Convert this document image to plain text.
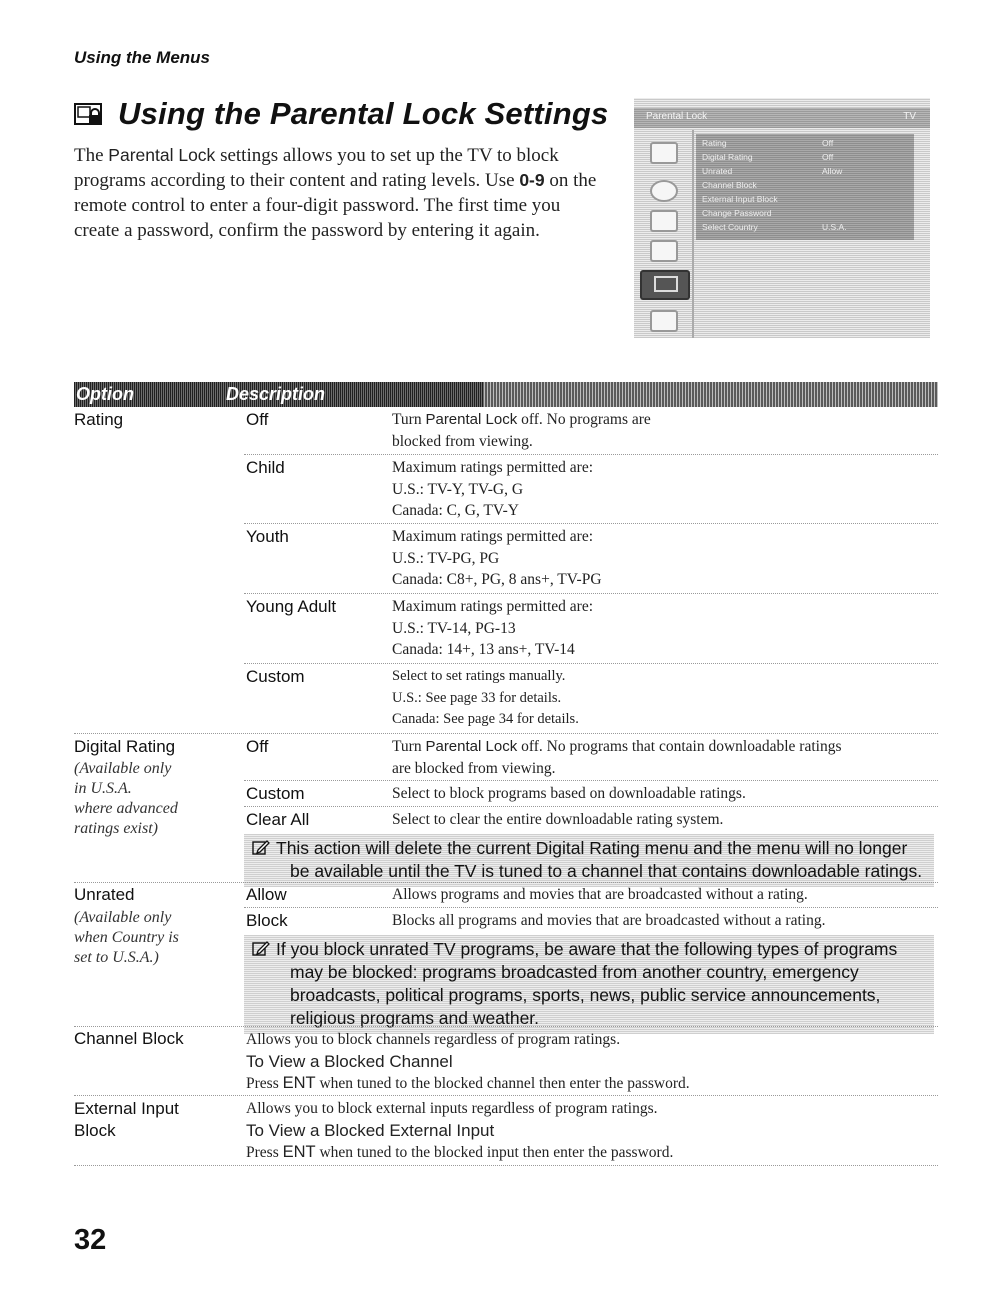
Using the Menus
Using the Parental Lock Settings
The Parental Lock settings allows you to set up the TV to block
programs according to their content and rating levels. Use 0-9 on the
remote control to enter a four-digit password. The first time you
create a password, confirm the password by entering it again.
Parental Lock	TV
Rating	Off
Digital Rating	Off
Unrated	Allow
Channel Block
External Input Block
Change Password
Select Country	U.S.A.
Option	Description
Rating	Off	Turn Parental Lock off. No programs are
blocked from viewing.
Child	Maximum ratings permitted are:
U.S.: TV-Y, TV-G, G
Canada: C, G, TV-Y
Youth	Maximum ratings permitted are:
U.S.: TV-PG, PG
Canada: C8+, PG, 8 ans+, TV-PG
Young Adult	Maximum ratings permitted are:
U.S.: TV-14, PG-13
Canada: 14+, 13 ans+, TV-14
Custom	Select to set ratings manually.
U.S.: See page 33 for details.
Canada: See page 34 for details.
Digital Rating
(Available only
in U.S.A.
where advanced
ratings exist)
Off	Turn Parental Lock off. No programs that contain downloadable ratings
are blocked from viewing.
Custom	Select to block programs based on downloadable ratings.
Clear All	Select to clear the entire downloadable rating system.
This action will delete the current Digital Rating menu and the menu will no longer
be available until the TV is tuned to a channel that contains downloadable ratings.
Unrated
(Available only
when Country is
set to U.S.A.)
Allow	Allows programs and movies that are broadcasted without a rating.
Block	Blocks all programs and movies that are broadcasted without a rating.
If you block unrated TV programs, be aware that the following types of programs
may be blocked: programs broadcasted from another country, emergency
broadcasts, political programs, sports, news, public service announcements,
religious programs and weather.
Channel Block	Allows you to block channels regardless of program ratings.
To View a Blocked Channel
Press ENT when tuned to the blocked channel then enter the password.
External Input
Block
Allows you to block external inputs regardless of program ratings.
To View a Blocked External Input
Press ENT when tuned to the blocked input then enter the password.
32
